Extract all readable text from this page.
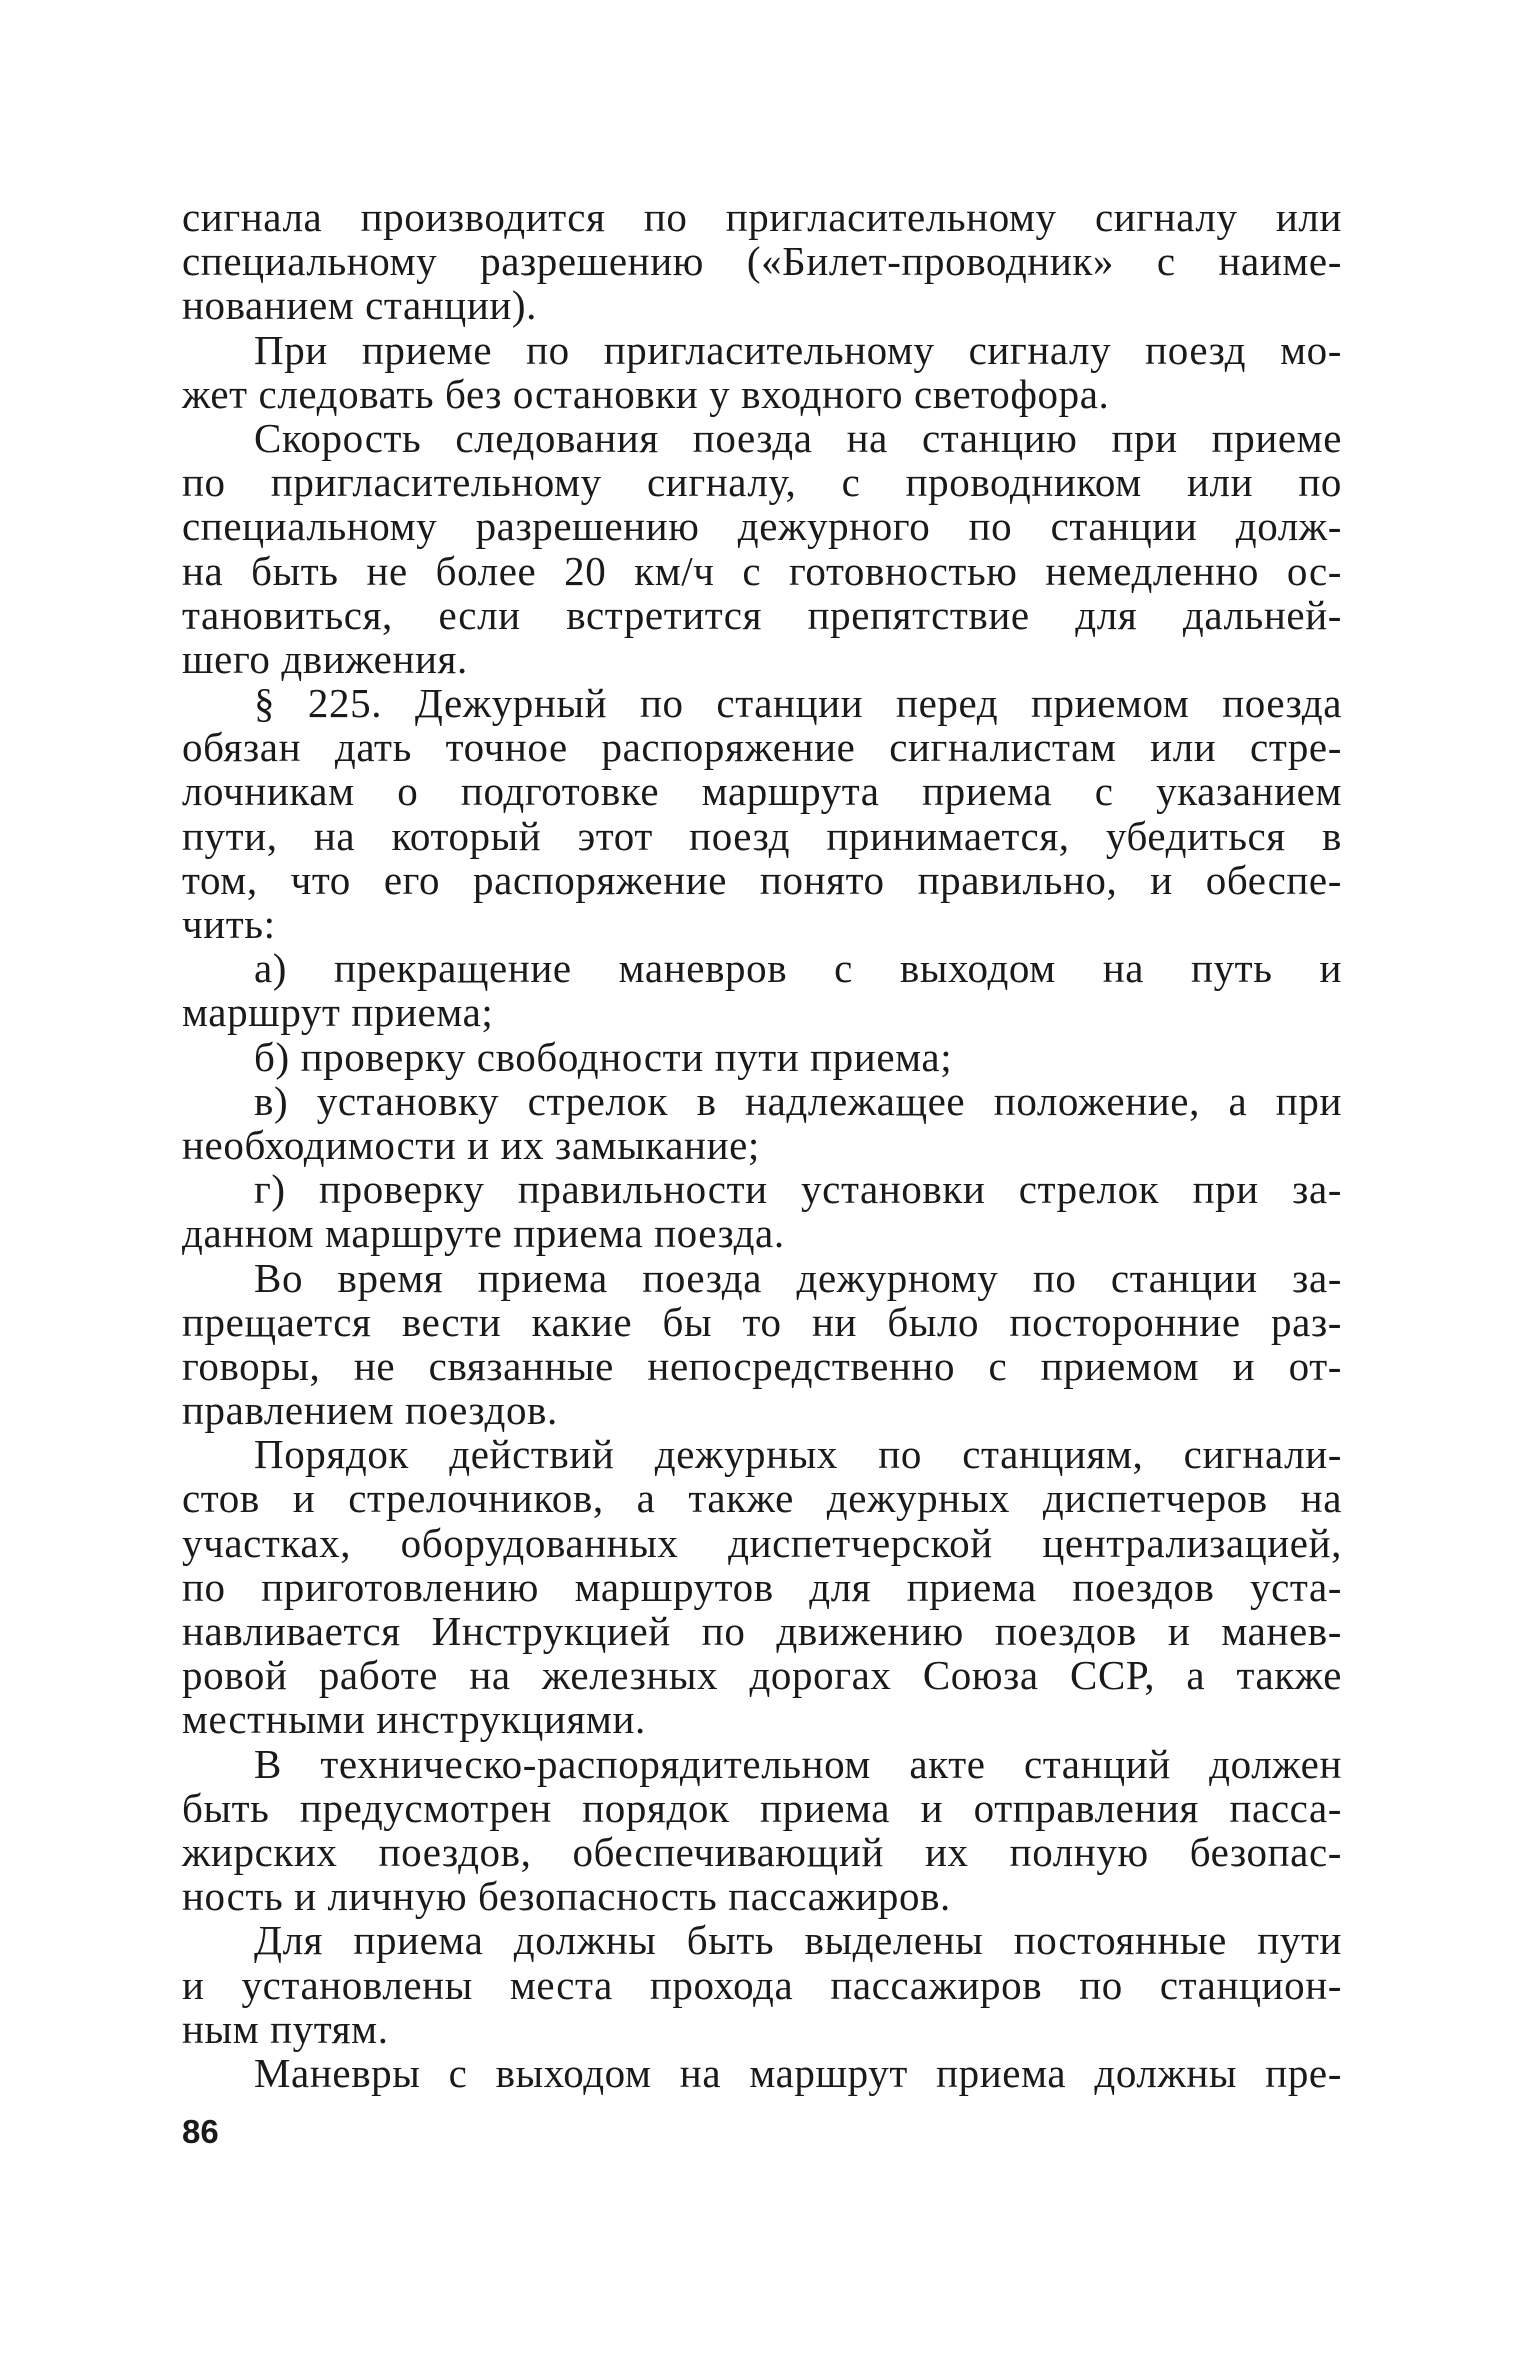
сигнала производится по пригласительному сигналу или
специальному разрешению («Билет-проводник» с наиме-
нованием станции).
При приеме по пригласительному сигналу поезд мо-
жет следовать без остановки у входного светофора.
Скорость следования поезда на станцию при приеме
по пригласительному сигналу, с проводником или по
специальному разрешению дежурного по станции долж-
на быть не более 20 км/ч с готовностью немедленно ос-
тановиться, если встретится препятствие для дальней-
шего движения.
§ 225. Дежурный по станции перед приемом поезда
обязан дать точное распоряжение сигналистам или стре-
лочникам о подготовке маршрута приема с указанием
пути, на который этот поезд принимается, убедиться в
том, что его распоряжение понято правильно, и обеспе-
чить:
а) прекращение маневров с выходом на путь и
маршрут приема;
б) проверку свободности пути приема;
в) установку стрелок в надлежащее положение, а при
необходимости и их замыкание;
г) проверку правильности установки стрелок при за-
данном маршруте приема поезда.
Во время приема поезда дежурному по станции за-
прещается вести какие бы то ни было посторонние раз-
говоры, не связанные непосредственно с приемом и от-
правлением поездов.
Порядок действий дежурных по станциям, сигнали-
стов и стрелочников, а также дежурных диспетчеров на
участках, оборудованных диспетчерской централизацией,
по приготовлению маршрутов для приема поездов уста-
навливается Инструкцией по движению поездов и манев-
ровой работе на железных дорогах Союза ССР, а также
местными инструкциями.
В техническо-распорядительном акте станций должен
быть предусмотрен порядок приема и отправления пасса-
жирских поездов, обеспечивающий их полную безопас-
ность и личную безопасность пассажиров.
Для приема должны быть выделены постоянные пути
и установлены места прохода пассажиров по станцион-
ным путям.
Маневры с выходом на маршрут приема должны пре-
86
